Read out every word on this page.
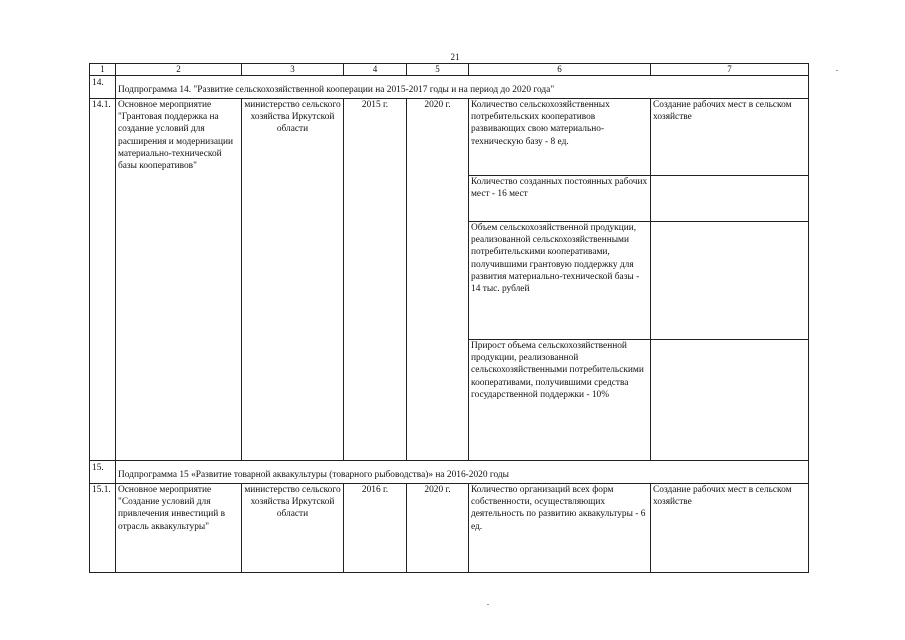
21
1	2	3	4	5	6	7
14.	Подпрограмма 14. "Развитие сельскохозяйственной кооперации на 2015-2017 годы и на период до 2020 года"					
14.1.	Основное мероприятие "Грантовая поддержка на создание условий для расширения и модернизации материально-технической базы кооперативов"	министерство сельского хозяйства Иркутской области	2015 г.	2020 г.	Количество сельскохозяйственных потребительских кооперативов развивающих свою материально-техническую базу - 8 ед.	Создание рабочих мест в сельском хозяйстве
					Количество созданных постоянных рабочих мест - 16 мест	
					Объем сельскохозяйственной продукции, реализованной сельскохозяйственными потребительскими кооперативами, получившими грантовую поддержку для развития материально-технической базы - 14 тыс. рублей	
					Прирост объема сельскохозяйственной продукции, реализованной сельскохозяйственными потребительскими кооперативами, получившими средства государственной поддержки - 10%	
15.	Подпрограмма 15 «Развитие товарной аквакультуры (товарного рыбоводства)» на 2016-2020 годы					
15.1.	Основное мероприятие "Создание условий для привлечения инвестиций в отрасль аквакультуры"	министерство сельского хозяйства Иркутской области	2016 г.	2020 г.	Количество организаций всех форм собственности, осуществляющих деятельность по развитию аквакультуры - 6 ед.	Создание рабочих мест в сельском хозяйстве
